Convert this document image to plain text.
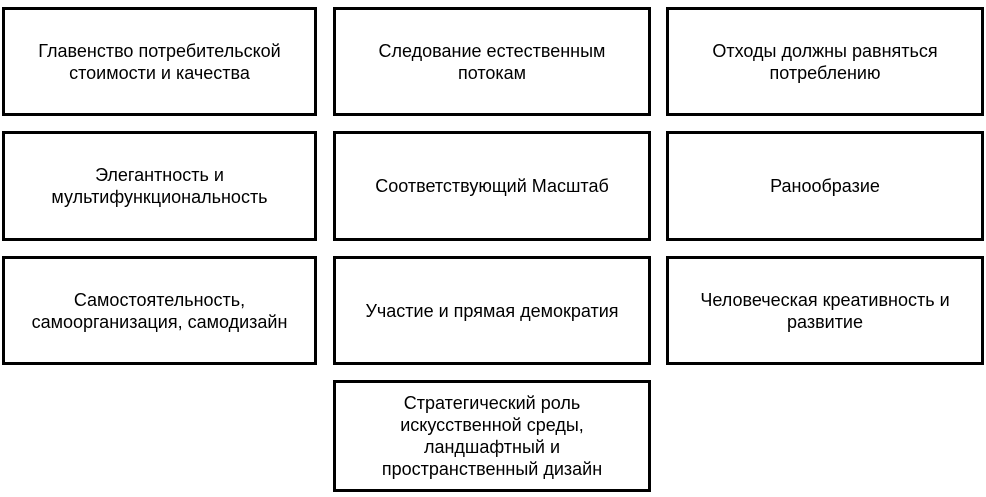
Главенство потребительской стоимости и качества
Следование естественным потокам
Отходы должны равняться потреблению
Элегантность и мультифункциональность
Соответствующий Масштаб	Ранообразие
Самостоятельность, самоорганизация, самодизайн
Участие и прямая демократия
Человеческая креативность и развитие
Стратегический роль искусственной среды, ландшафтный и пространственный дизайн
